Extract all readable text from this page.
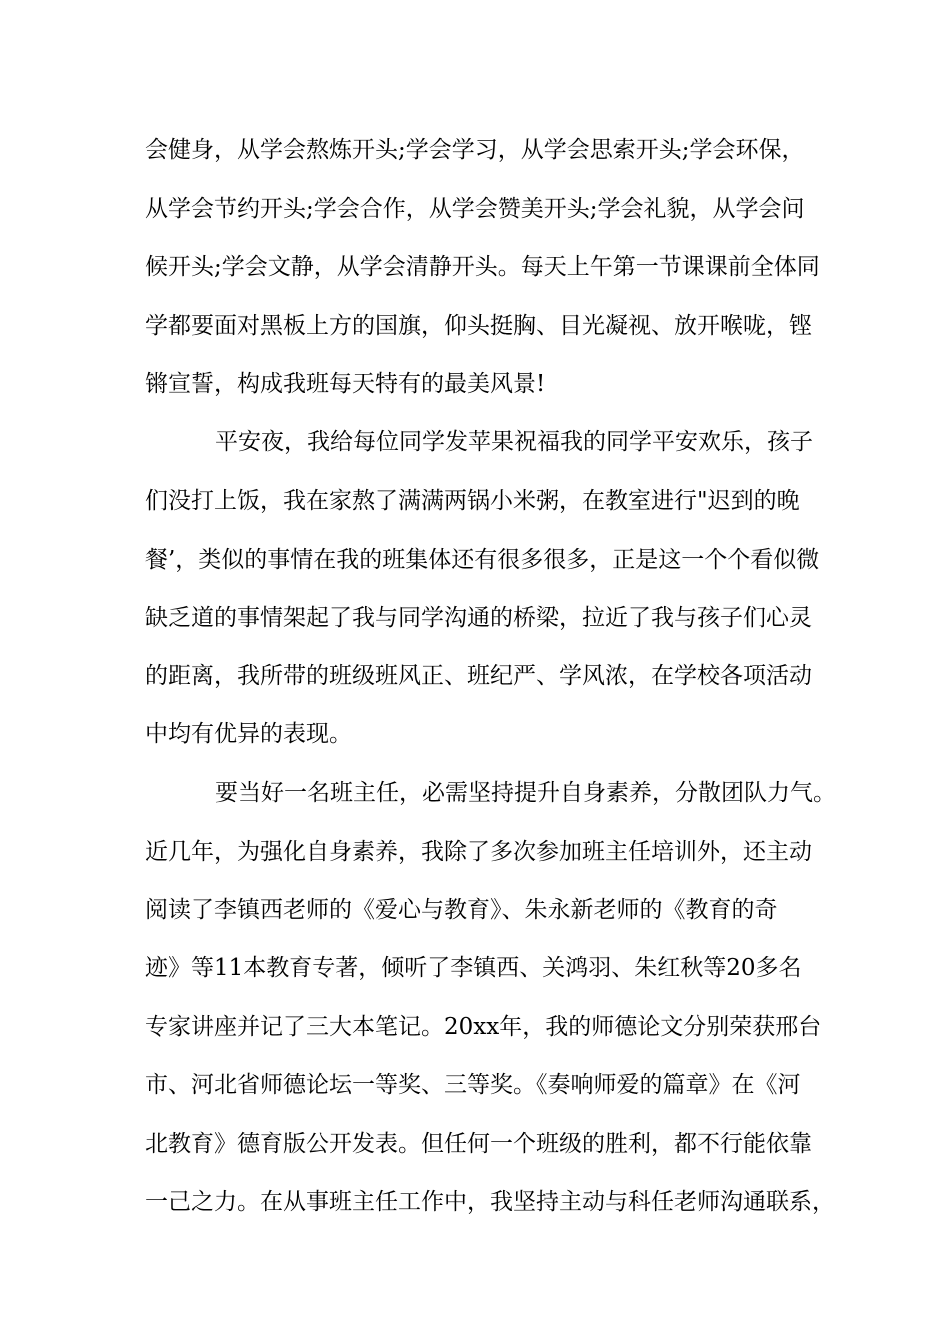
会健身，从学会熬炼开头;学会学习，从学会思索开头;学会环保，
从学会节约开头;学会合作，从学会赞美开头;学会礼貌，从学会问
候开头;学会文静，从学会清静开头。每天上午第一节课课前全体同
学都要面对黑板上方的国旗，仰头挺胸、目光凝视、放开喉咙，铿
锵宣誓，构成我班每天特有的最美风景!
平安夜，我给每位同学发苹果祝福我的同学平安欢乐，孩子
们没打上饭，我在家熬了满满两锅小米粥，在教室进行"迟到的晚
餐’，类似的事情在我的班集体还有很多很多，正是这一个个看似微
缺乏道的事情架起了我与同学沟通的桥梁，拉近了我与孩子们心灵
的距离，我所带的班级班风正、班纪严、学风浓，在学校各项活动
中均有优异的表现。
要当好一名班主任，必需坚持提升自身素养，分散团队力气。
近几年，为强化自身素养，我除了多次参加班主任培训外，还主动
阅读了李镇西老师的《爱心与教育》、朱永新老师的《教育的奇
迹》等11本教育专著，倾听了李镇西、关鸿羽、朱红秋等20多名
专家讲座并记了三大本笔记。20xx年，我的师德论文分别荣获邢台
市、河北省师德论坛一等奖、三等奖。《奏响师爱的篇章》在《河
北教育》德育版公开发表。但任何一个班级的胜利，都不行能依靠
一己之力。在从事班主任工作中，我坚持主动与科任老师沟通联系，
